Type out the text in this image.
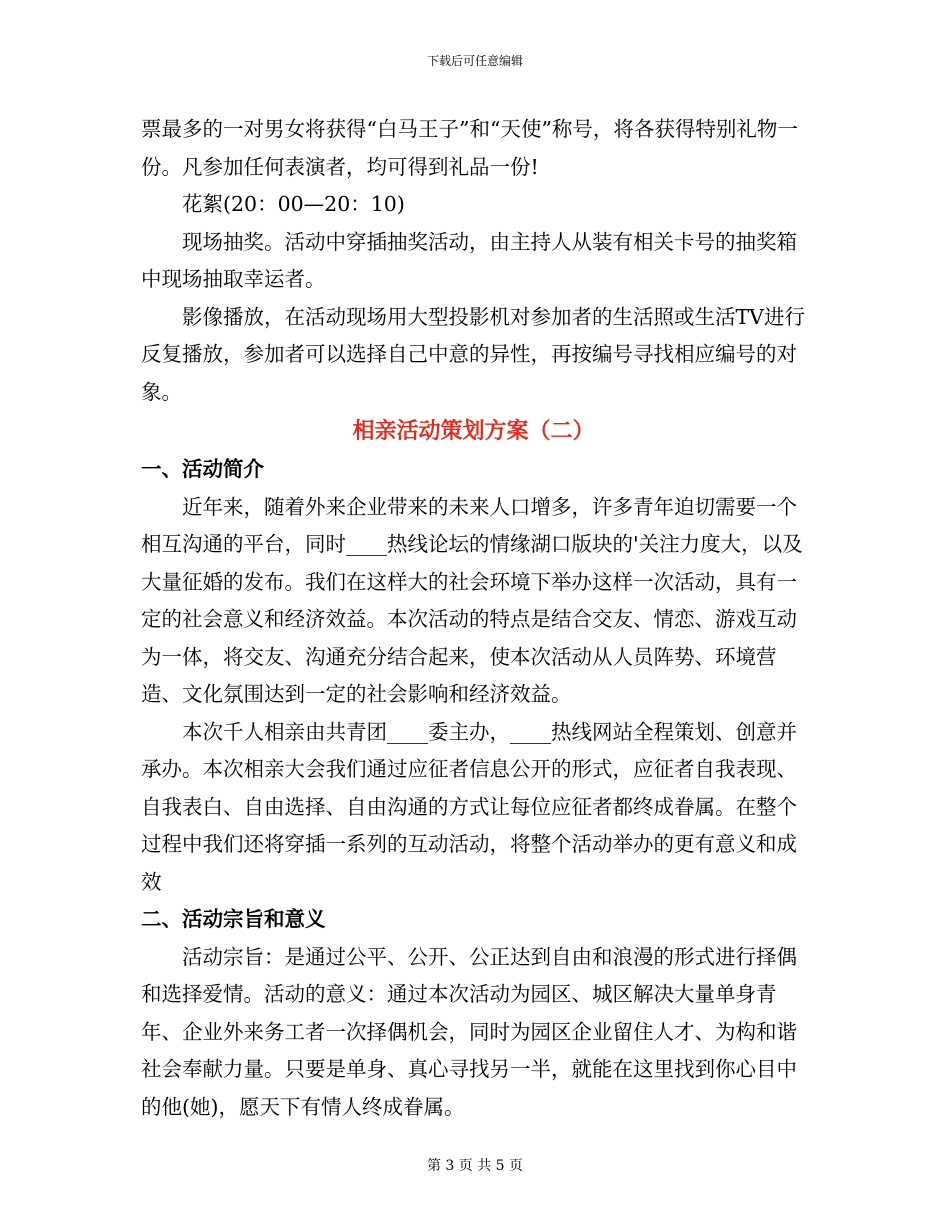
下载后可任意编辑

票最多的一对男女将获得“白马王子”和“天使”称号，将各获得特别礼物一份。凡参加任何表演者，均可得到礼品一份!

花絮(20：00—20：10)

现场抽奖。活动中穿插抽奖活动，由主持人从装有相关卡号的抽奖箱中现场抽取幸运者。

影像播放，在活动现场用大型投影机对参加者的生活照或生活TV进行反复播放，参加者可以选择自己中意的异性，再按编号寻找相应编号的对象。

相亲活动策划方案（二）

一、活动简介

近年来，随着外来企业带来的未来人口增多，许多青年迫切需要一个相互沟通的平台，同时____热线论坛的情缘湖口版块的'关注力度大，以及大量征婚的发布。我们在这样大的社会环境下举办这样一次活动，具有一定的社会意义和经济效益。本次活动的特点是结合交友、情恋、游戏互动为一体，将交友、沟通充分结合起来，使本次活动从人员阵势、环境营造、文化氛围达到一定的社会影响和经济效益。

本次千人相亲由共青团____委主办，____热线网站全程策划、创意并承办。本次相亲大会我们通过应征者信息公开的形式，应征者自我表现、自我表白、自由选择、自由沟通的方式让每位应征者都终成眷属。在整个过程中我们还将穿插一系列的互动活动，将整个活动举办的更有意义和成效

二、活动宗旨和意义

活动宗旨：是通过公平、公开、公正达到自由和浪漫的形式进行择偶和选择爱情。活动的意义：通过本次活动为园区、城区解决大量单身青年、企业外来务工者一次择偶机会，同时为园区企业留住人才、为构和谐社会奉献力量。只要是单身、真心寻找另一半，就能在这里找到你心目中的他(她)，愿天下有情人终成眷属。

第 3 页 共 5 页
